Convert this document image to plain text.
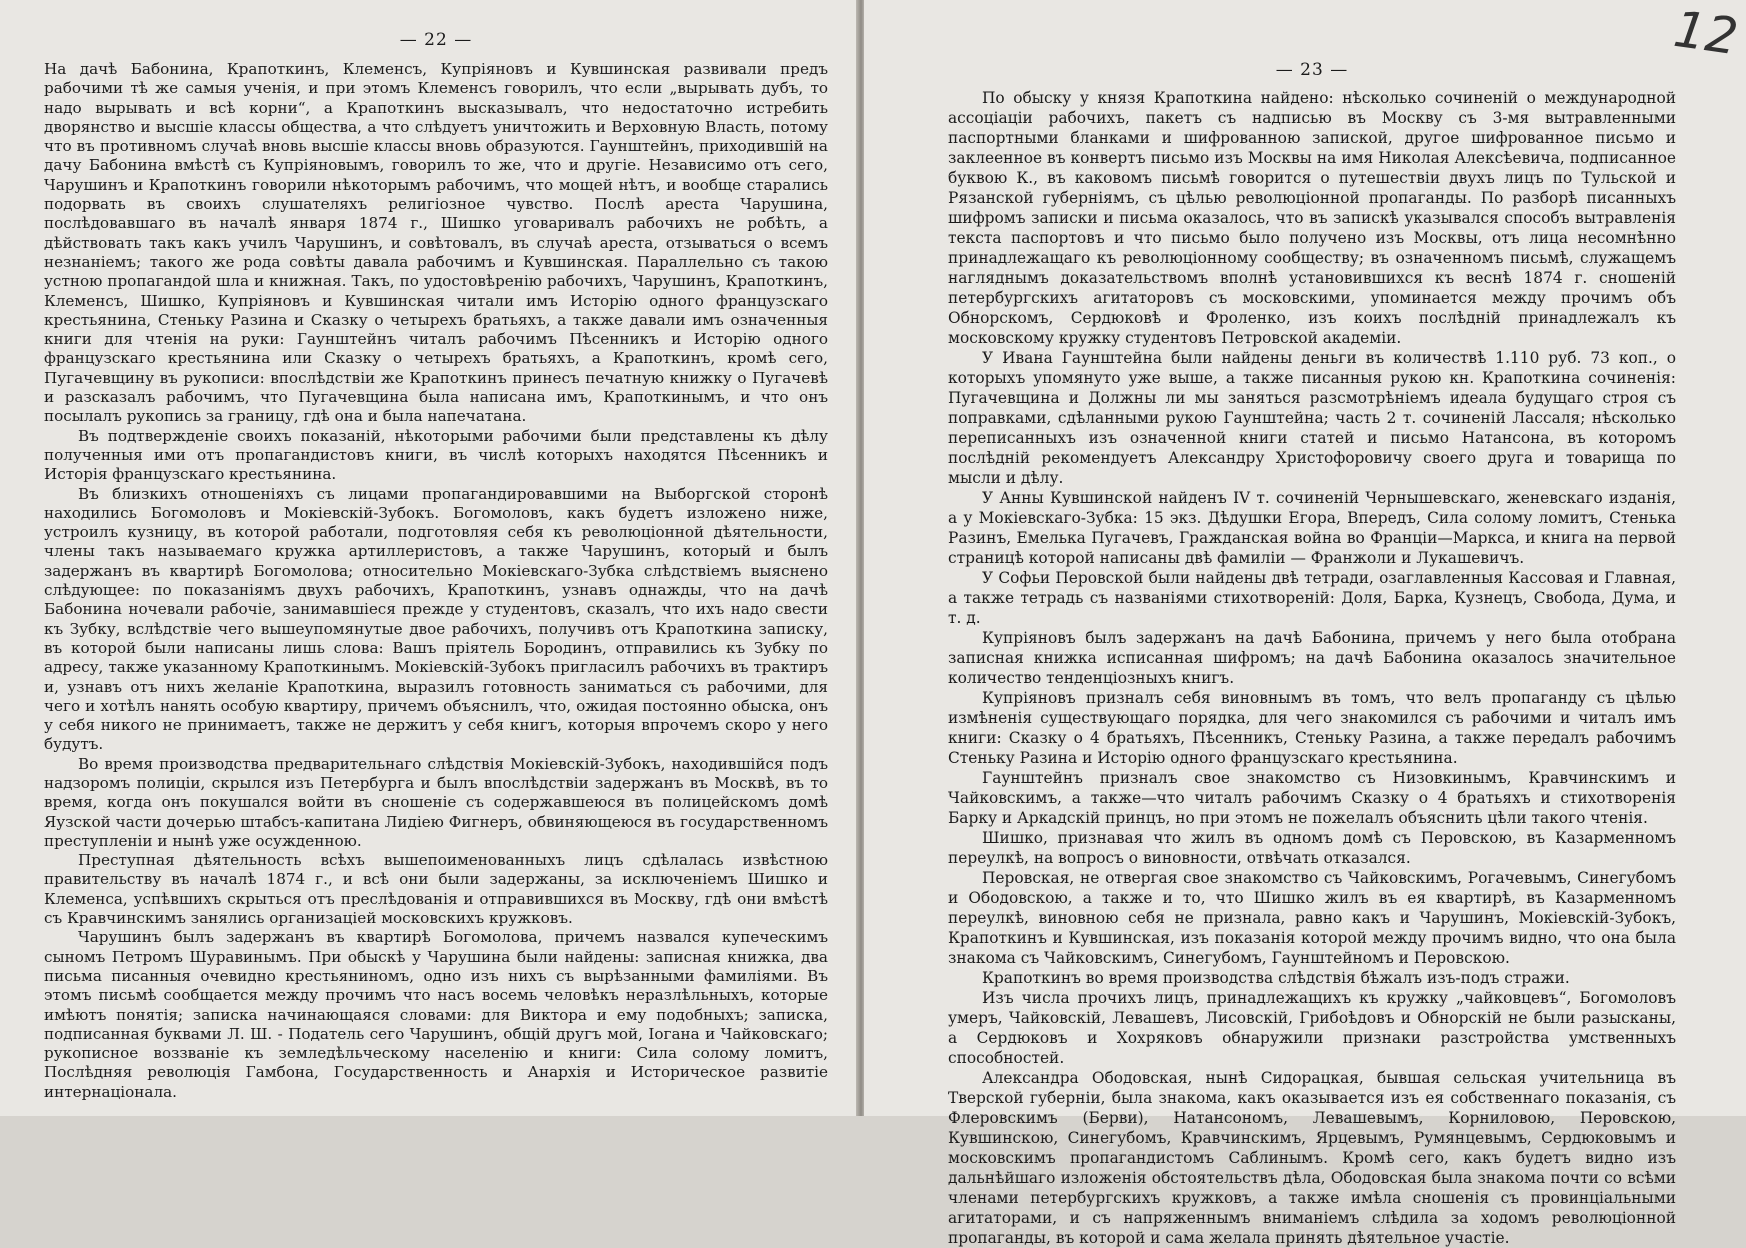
— 22 —

На дачѣ Бабонина, Крапоткинъ, Клеменсъ, Купріяновъ и Кувшинская развивали предъ рабочими тѣ же самыя ученія, и при этомъ Клеменсъ говорилъ, что если „вырывать дубъ, то надо вырывать и всѣ корни“, а Крапоткинъ высказывалъ, что недостаточно истребить дворянство и высшіе классы общества, а что слѣдуетъ уничтожить и Верховную Власть, потому что въ противномъ случаѣ вновь высшіе классы вновь образуются. Гаунштейнъ, приходившій на дачу Бабонина вмѣстѣ съ Купріяновымъ, говорилъ то же, что и другіе. Независимо отъ сего, Чарушинъ и Крапоткинъ говорили нѣкоторымъ рабочимъ, что мощей нѣтъ, и вообще старались подорвать въ своихъ слушателяхъ религіозное чувство. Послѣ ареста Чарушина, послѣдовавшаго въ началѣ января 1874 г., Шишко уговаривалъ рабочихъ не робѣть, а дѣйствовать такъ какъ училъ Чарушинъ, и совѣтовалъ, въ случаѣ ареста, отзываться о всемъ незнаніемъ; такого же рода совѣты давала рабочимъ и Кувшинская. Параллельно съ такою устною пропагандой шла и книжная. Такъ, по удостовѣренію рабочихъ, Чарушинъ, Крапоткинъ, Клеменсъ, Шишко, Купріяновъ и Кувшинская читали имъ Исторію одного французскаго крестьянина, Стеньку Разина и Сказку о четырехъ братьяхъ, а также давали имъ означенныя книги для чтенія на руки: Гаунштейнъ читалъ рабочимъ Пѣсенникъ и Исторію одного французскаго крестьянина или Сказку о четырехъ братьяхъ, а Крапоткинъ, кромѣ сего, Пугачевщину въ рукописи: впослѣдствіи же Крапоткинъ принесъ печатную книжку о Пугачевѣ и разсказалъ рабочимъ, что Пугачевщина была написана имъ, Крапоткинымъ, и что онъ посылалъ рукопись за границу, гдѣ она и была напечатана.

Въ подтвержденіе своихъ показаній, нѣкоторыми рабочими были представлены къ дѣлу полученныя ими отъ пропагандистовъ книги, въ числѣ которыхъ находятся Пѣсенникъ и Исторія французскаго крестьянина.

Въ близкихъ отношеніяхъ съ лицами пропагандировавшими на Выборгской сторонѣ находились Богомоловъ и Мокіевскій-Зубокъ. Богомоловъ, какъ будетъ изложено ниже, устроилъ кузницу, въ которой работали, подготовляя себя къ революціонной дѣятельности, члены такъ называемаго кружка артиллеристовъ, а также Чарушинъ, который и былъ задержанъ въ квартирѣ Богомолова; относительно Мокіевскаго-Зубка слѣдствіемъ выяснено слѣдующее: по показаніямъ двухъ рабочихъ, Крапоткинъ, узнавъ однажды, что на дачѣ Бабонина ночевали рабочіе, занимавшіеся прежде у студентовъ, сказалъ, что ихъ надо свести къ Зубку, вслѣдствіе чего вышеупомянутые двое рабочихъ, получивъ отъ Крапоткина записку, въ которой были написаны лишь слова: Вашъ пріятель Бородинъ, отправились къ Зубку по адресу, также указанному Крапоткинымъ. Мокіевскій-Зубокъ пригласилъ рабочихъ въ трактиръ и, узнавъ отъ нихъ желаніе Крапоткина, выразилъ готовность заниматься съ рабочими, для чего и хотѣлъ нанять особую квартиру, причемъ объяснилъ, что, ожидая постоянно обыска, онъ у себя никого не принимаетъ, также не держитъ у себя книгъ, которыя впрочемъ скоро у него будутъ.

Во время производства предварительнаго слѣдствія Мокіевскій-Зубокъ, находившійся подъ надзоромъ полиціи, скрылся изъ Петербурга и былъ впослѣдствіи задержанъ въ Москвѣ, въ то время, когда онъ покушался войти въ сношеніе съ содержавшеюся въ полицейскомъ домѣ Яузской части дочерью штабсъ-капитана Лидіею Фигнеръ, обвиняющеюся въ государственномъ преступленіи и нынѣ уже осужденною.

Преступная дѣятельность всѣхъ вышепоименованныхъ лицъ сдѣлалась извѣстною правительству въ началѣ 1874 г., и всѣ они были задержаны, за исключеніемъ Шишко и Клеменса, успѣвшихъ скрыться отъ преслѣдованія и отправившихся въ Москву, гдѣ они вмѣстѣ съ Кравчинскимъ занялись организаціей московскихъ кружковъ.

Чарушинъ былъ задержанъ въ квартирѣ Богомолова, причемъ назвался купеческимъ сыномъ Петромъ Шуравинымъ. При обыскѣ у Чарушина были найдены: записная книжка, два письма писанныя очевидно крестьяниномъ, одно изъ нихъ съ вырѣзанными фамиліями. Въ этомъ письмѣ сообщается между прочимъ что насъ восемь человѣкъ неразлѣльныхъ, которые имѣютъ понятія; записка начинающаяся словами: для Виктора и ему подобныхъ; записка, подписанная буквами Л. Ш. - Податель сего Чарушинъ, общій другъ мой, Іогана и Чайковскаго; рукописное воззваніе къ земледѣльческому населенію и книги: Сила солому ломитъ, Послѣдняя революція Гамбона, Государственность и Анархія и Историческое развитіе интернаціонала.

12
— 23 —

По обыску у князя Крапоткина найдено: нѣсколько сочиненій о международной ассоціаціи рабочихъ, пакетъ съ надписью въ Москву съ 3-мя вытравленными паспортными бланками и шифрованною запиской, другое шифрованное письмо и заклеенное въ конвертъ письмо изъ Москвы на имя Николая Алексѣевича, подписанное буквою К., въ каковомъ письмѣ говорится о путешествіи двухъ лицъ по Тульской и Рязанской губерніямъ, съ цѣлью революціонной пропаганды. По разборѣ писанныхъ шифромъ записки и письма оказалось, что въ запискѣ указывался способъ вытравленія текста паспортовъ и что письмо было получено изъ Москвы, отъ лица несомнѣнно принадлежащаго къ революціонному сообществу; въ означенномъ письмѣ, служащемъ нагляднымъ доказательствомъ вполнѣ установившихся къ веснѣ 1874 г. сношеній петербургскихъ агитаторовъ съ московскими, упоминается между прочимъ объ Обнорскомъ, Сердюковѣ и Фроленко, изъ коихъ послѣдній принадлежалъ къ московскому кружку студентовъ Петровской академіи.

У Ивана Гаунштейна были найдены деньги въ количествѣ 1.110 руб. 73 коп., о которыхъ упомянуто уже выше, а также писанныя рукою кн. Крапоткина сочиненія: Пугачевщина и Должны ли мы заняться разсмотрѣніемъ идеала будущаго строя съ поправками, сдѣланными рукою Гаунштейна; часть 2 т. сочиненій Лассаля; нѣсколько переписанныхъ изъ означенной книги статей и письмо Натансона, въ которомъ послѣдній рекомендуетъ Александру Христофоровичу своего друга и товарища по мысли и дѣлу.

У Анны Кувшинской найденъ IV т. сочиненій Чернышевскаго, женевскаго изданія, а у Мокіевскаго-Зубка: 15 экз. Дѣдушки Егора, Впередъ, Сила солому ломитъ, Стенька Разинъ, Емелька Пугачевъ, Гражданская война во Франціи—Маркса, и книга на первой страницѣ которой написаны двѣ фамиліи — Франжоли и Лукашевичъ.

У Софьи Перовской были найдены двѣ тетради, озаглавленныя Кассовая и Главная, а также тетрадь съ названіями стихотвореній: Доля, Барка, Кузнецъ, Свобода, Дума, и т. д.

Купріяновъ былъ задержанъ на дачѣ Бабонина, причемъ у него была отобрана записная книжка исписанная шифромъ; на дачѣ Бабонина оказалось значительное количество тенденціозныхъ книгъ.

Купріяновъ призналъ себя виновнымъ въ томъ, что велъ пропаганду съ цѣлью измѣненія существующаго порядка, для чего знакомился съ рабочими и читалъ имъ книги: Сказку о 4 братьяхъ, Пѣсенникъ, Стеньку Разина, а также передалъ рабочимъ Стеньку Разина и Исторію одного французскаго крестьянина.

Гаунштейнъ призналъ свое знакомство съ Низовкинымъ, Кравчинскимъ и Чайковскимъ, а также—что читалъ рабочимъ Сказку о 4 братьяхъ и стихотворенія Барку и Аркадскій принцъ, но при этомъ не пожелалъ объяснить цѣли такого чтенія.

Шишко, признавая что жилъ въ одномъ домѣ съ Перовскою, въ Казарменномъ переулкѣ, на вопросъ о виновности, отвѣчать отказался.

Перовская, не отвергая свое знакомство съ Чайковскимъ, Рогачевымъ, Синегубомъ и Ободовскою, а также и то, что Шишко жилъ въ ея квартирѣ, въ Казарменномъ переулкѣ, виновною себя не признала, равно какъ и Чарушинъ, Мокіевскій-Зубокъ, Крапоткинъ и Кувшинская, изъ показанія которой между прочимъ видно, что она была знакома съ Чайковскимъ, Синегубомъ, Гаунштейномъ и Перовскою.

Крапоткинъ во время производства слѣдствія бѣжалъ изъ-подъ стражи.

Изъ числа прочихъ лицъ, принадлежащихъ къ кружку „чайковцевъ“, Богомоловъ умеръ, Чайковскій, Левашевъ, Лисовскій, Грибоѣдовъ и Обнорскій не были разысканы, а Сердюковъ и Хохряковъ обнаружили признаки разстройства умственныхъ способностей.

Александра Ободовская, нынѣ Сидорацкая, бывшая сельская учительница въ Тверской губерніи, была знакома, какъ оказывается изъ ея собственнаго показанія, съ Флеровскимъ (Берви), Натансономъ, Левашевымъ, Корниловою, Перовскою, Кувшинскою, Синегубомъ, Кравчинскимъ, Ярцевымъ, Румянцевымъ, Сердюковымъ и московскимъ пропагандистомъ Саблинымъ. Кромѣ сего, какъ будетъ видно изъ дальнѣйшаго изложенія обстоятельствъ дѣла, Ободовская была знакома почти со всѣми членами петербургскихъ кружковъ, а также имѣла сношенія съ провинціальными агитаторами, и съ напряженнымъ вниманіемъ слѣдила за ходомъ революціонной пропаганды, въ которой и сама желала принять дѣятельное участіе.
